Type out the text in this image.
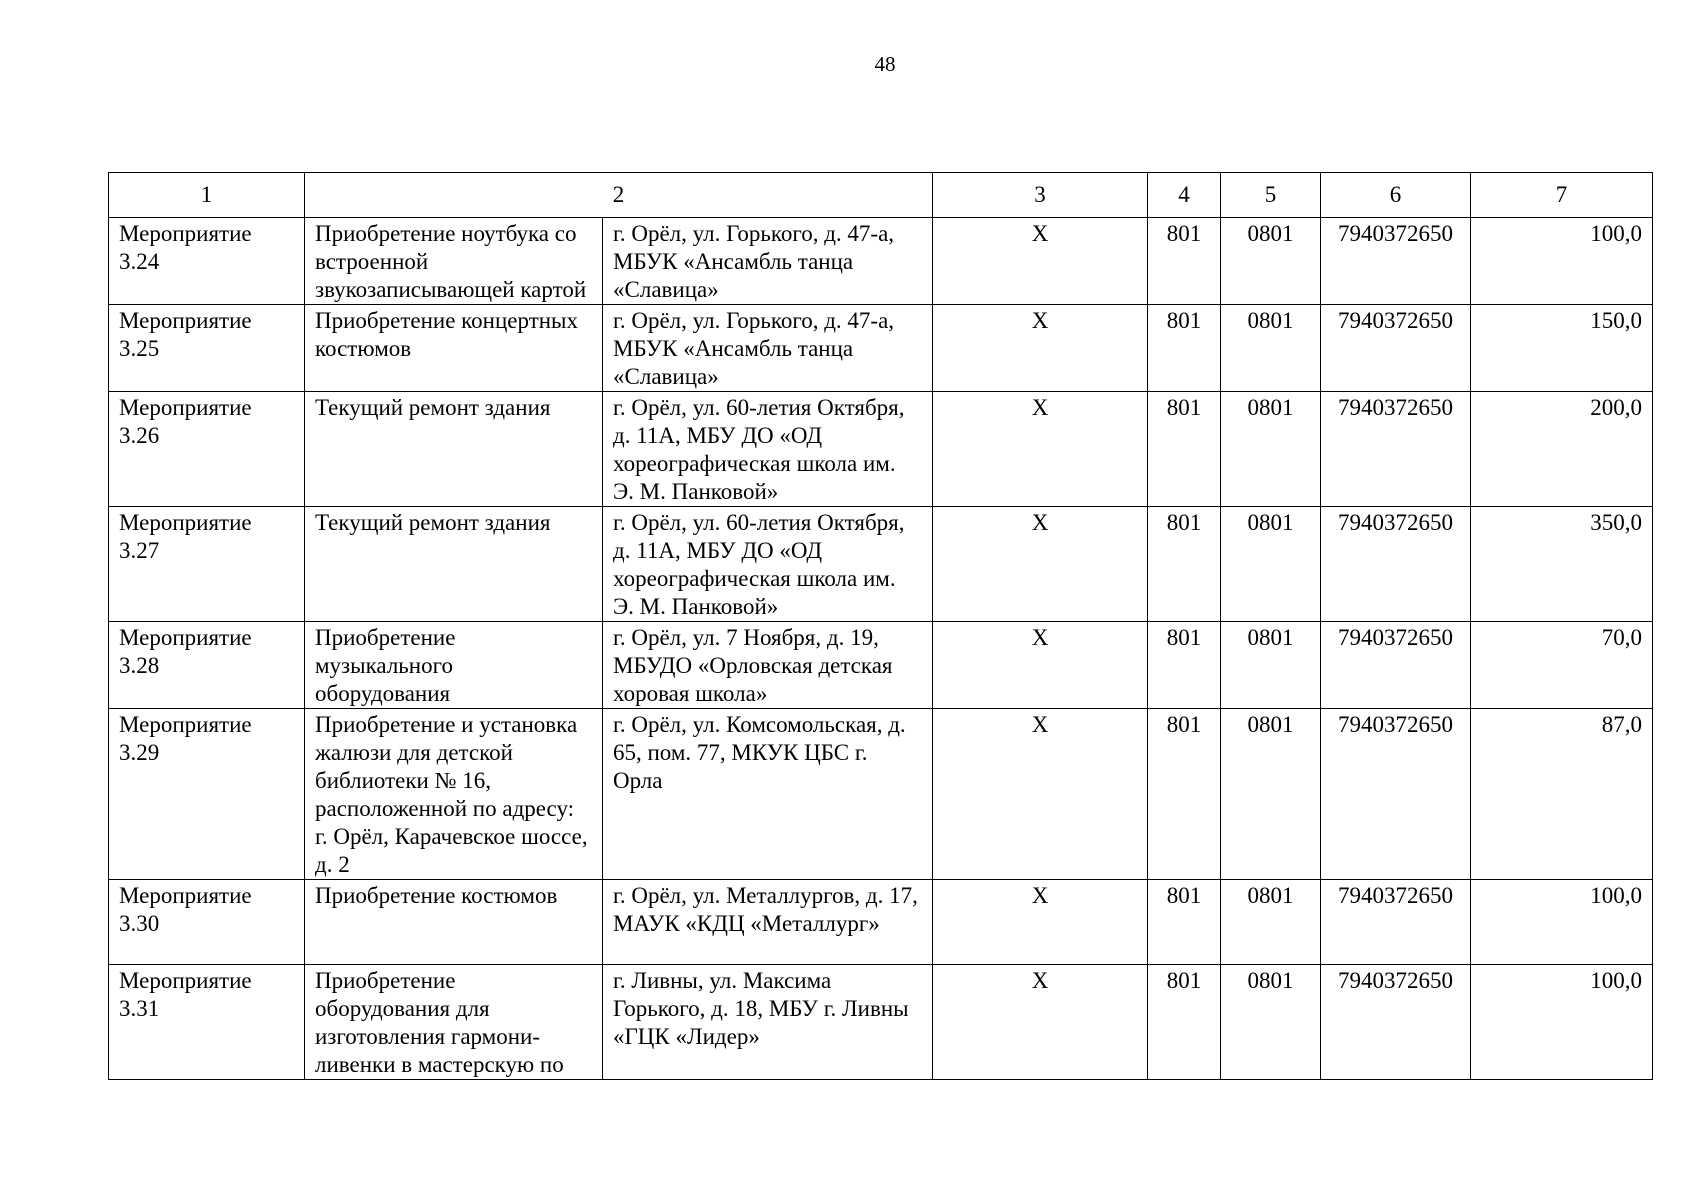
48
1	2		3	4	5	6	7
Мероприятие 3.24	Приобретение ноутбука со встроенной звукозаписывающей картой	г. Орёл, ул. Горького, д. 47-а, МБУК «Ансамбль танца «Славица»	Х	801	0801	7940372650	100,0
Мероприятие 3.25	Приобретение концертных костюмов	г. Орёл, ул. Горького, д. 47-а, МБУК «Ансамбль танца «Славица»	Х	801	0801	7940372650	150,0
Мероприятие 3.26	Текущий ремонт здания	г. Орёл, ул. 60-летия Октября, д. 11А, МБУ ДО «ОД хореографическая школа им. Э. М. Панковой»	Х	801	0801	7940372650	200,0
Мероприятие 3.27	Текущий ремонт здания	г. Орёл, ул. 60-летия Октября, д. 11А, МБУ ДО «ОД хореографическая школа им. Э. М. Панковой»	Х	801	0801	7940372650	350,0
Мероприятие 3.28	Приобретение музыкального оборудования	г. Орёл, ул. 7 Ноября, д. 19, МБУДО «Орловская детская хоровая школа»	Х	801	0801	7940372650	70,0
Мероприятие 3.29	Приобретение и установка жалюзи для детской библиотеки № 16, расположенной по адресу: г. Орёл, Карачевское шоссе, д. 2	г. Орёл, ул. Комсомольская, д. 65, пом. 77, МКУК ЦБС г. Орла	Х	801	0801	7940372650	87,0
Мероприятие 3.30	Приобретение костюмов	г. Орёл, ул. Металлургов, д. 17, МАУК «КДЦ «Металлург»	Х	801	0801	7940372650	100,0
Мероприятие 3.31	Приобретение оборудования для изготовления гармони-ливенки в мастерскую по	г. Ливны, ул. Максима Горького, д. 18, МБУ г. Ливны «ГЦК «Лидер»	Х	801	0801	7940372650	100,0
